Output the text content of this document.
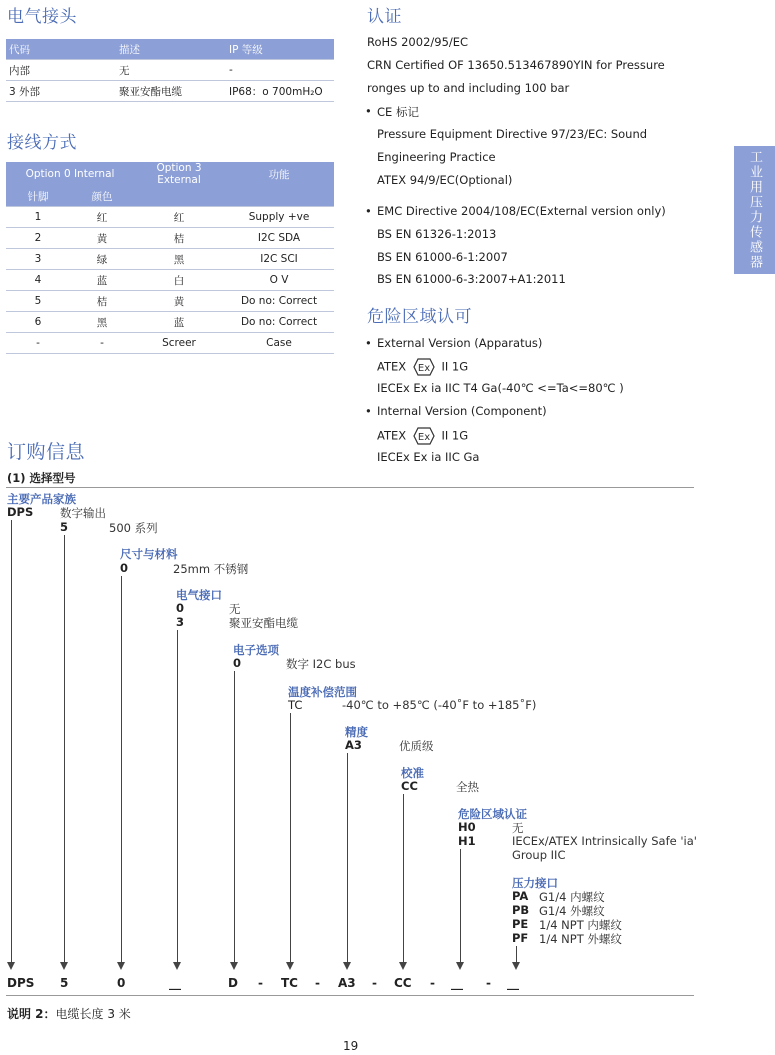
电气接头
代码	描述	IP 等级
内部	无	-
3 外部	聚亚安酯电缆	IP68：o 700mH₂O
接线方式
Option 0 Internal		Option 3 External	功能
针脚	颜色		
1	红	红	Supply +ve
2	黄	桔	I2C SDA
3	绿	黑	I2C SCI
4	蓝	白	O V
5	桔	黄	Do no: Correct
6	黑	蓝	Do no: Correct
-	-	Screer	Case
认证
RoHS 2002/95/EC
CRN Certified OF 13650.513467890YIN for Pressure
ronges up to and including 100 bar
• CE 标记
Pressure Equipment Directive 97/23/EC: Sound
Engineering Practice
ATEX 94/9/EC(Optional)
• EMC Directive 2004/108/EC(External version only)
BS EN 61326-1:2013
BS EN 61000-6-1:2007
BS EN 61000-6-3:2007+A1:2011
危险区域认可
• External Version (Apparatus)
ATEX Ex II 1G
IECEx Ex ia IIC T4 Ga(-40℃ <=Ta<=80℃ )
• Internal Version (Component)
ATEX Ex II 1G
IECEx Ex ia IIC Ga
工业用压力传感器
订购信息
(1) 选择型号
主要产品家族
DPS 数字输出
5	500 系列
尺寸与材料
0	25mm 不锈钢
电气接口
0	无
3	聚亚安酯电缆
电子选项
0	数字 I2C bus
温度补偿范围
TC	-40℃ to +85℃ (-40˚F to +185˚F)
精度
A3	优质级
校准
CC	全热
危险区域认证
H0	无
H1	IECEx/ATEX Intrinsically Safe 'ia'
Group IIC
压力接口
PA G1/4 内螺纹
PB G1/4 外螺纹
PE 1/4 NPT 内螺纹
PF 1/4 NPT 外螺纹
DPS 5	0	__	D - TC - A3 - CC - __ - __
说明 2：电缆长度 3 米
19
